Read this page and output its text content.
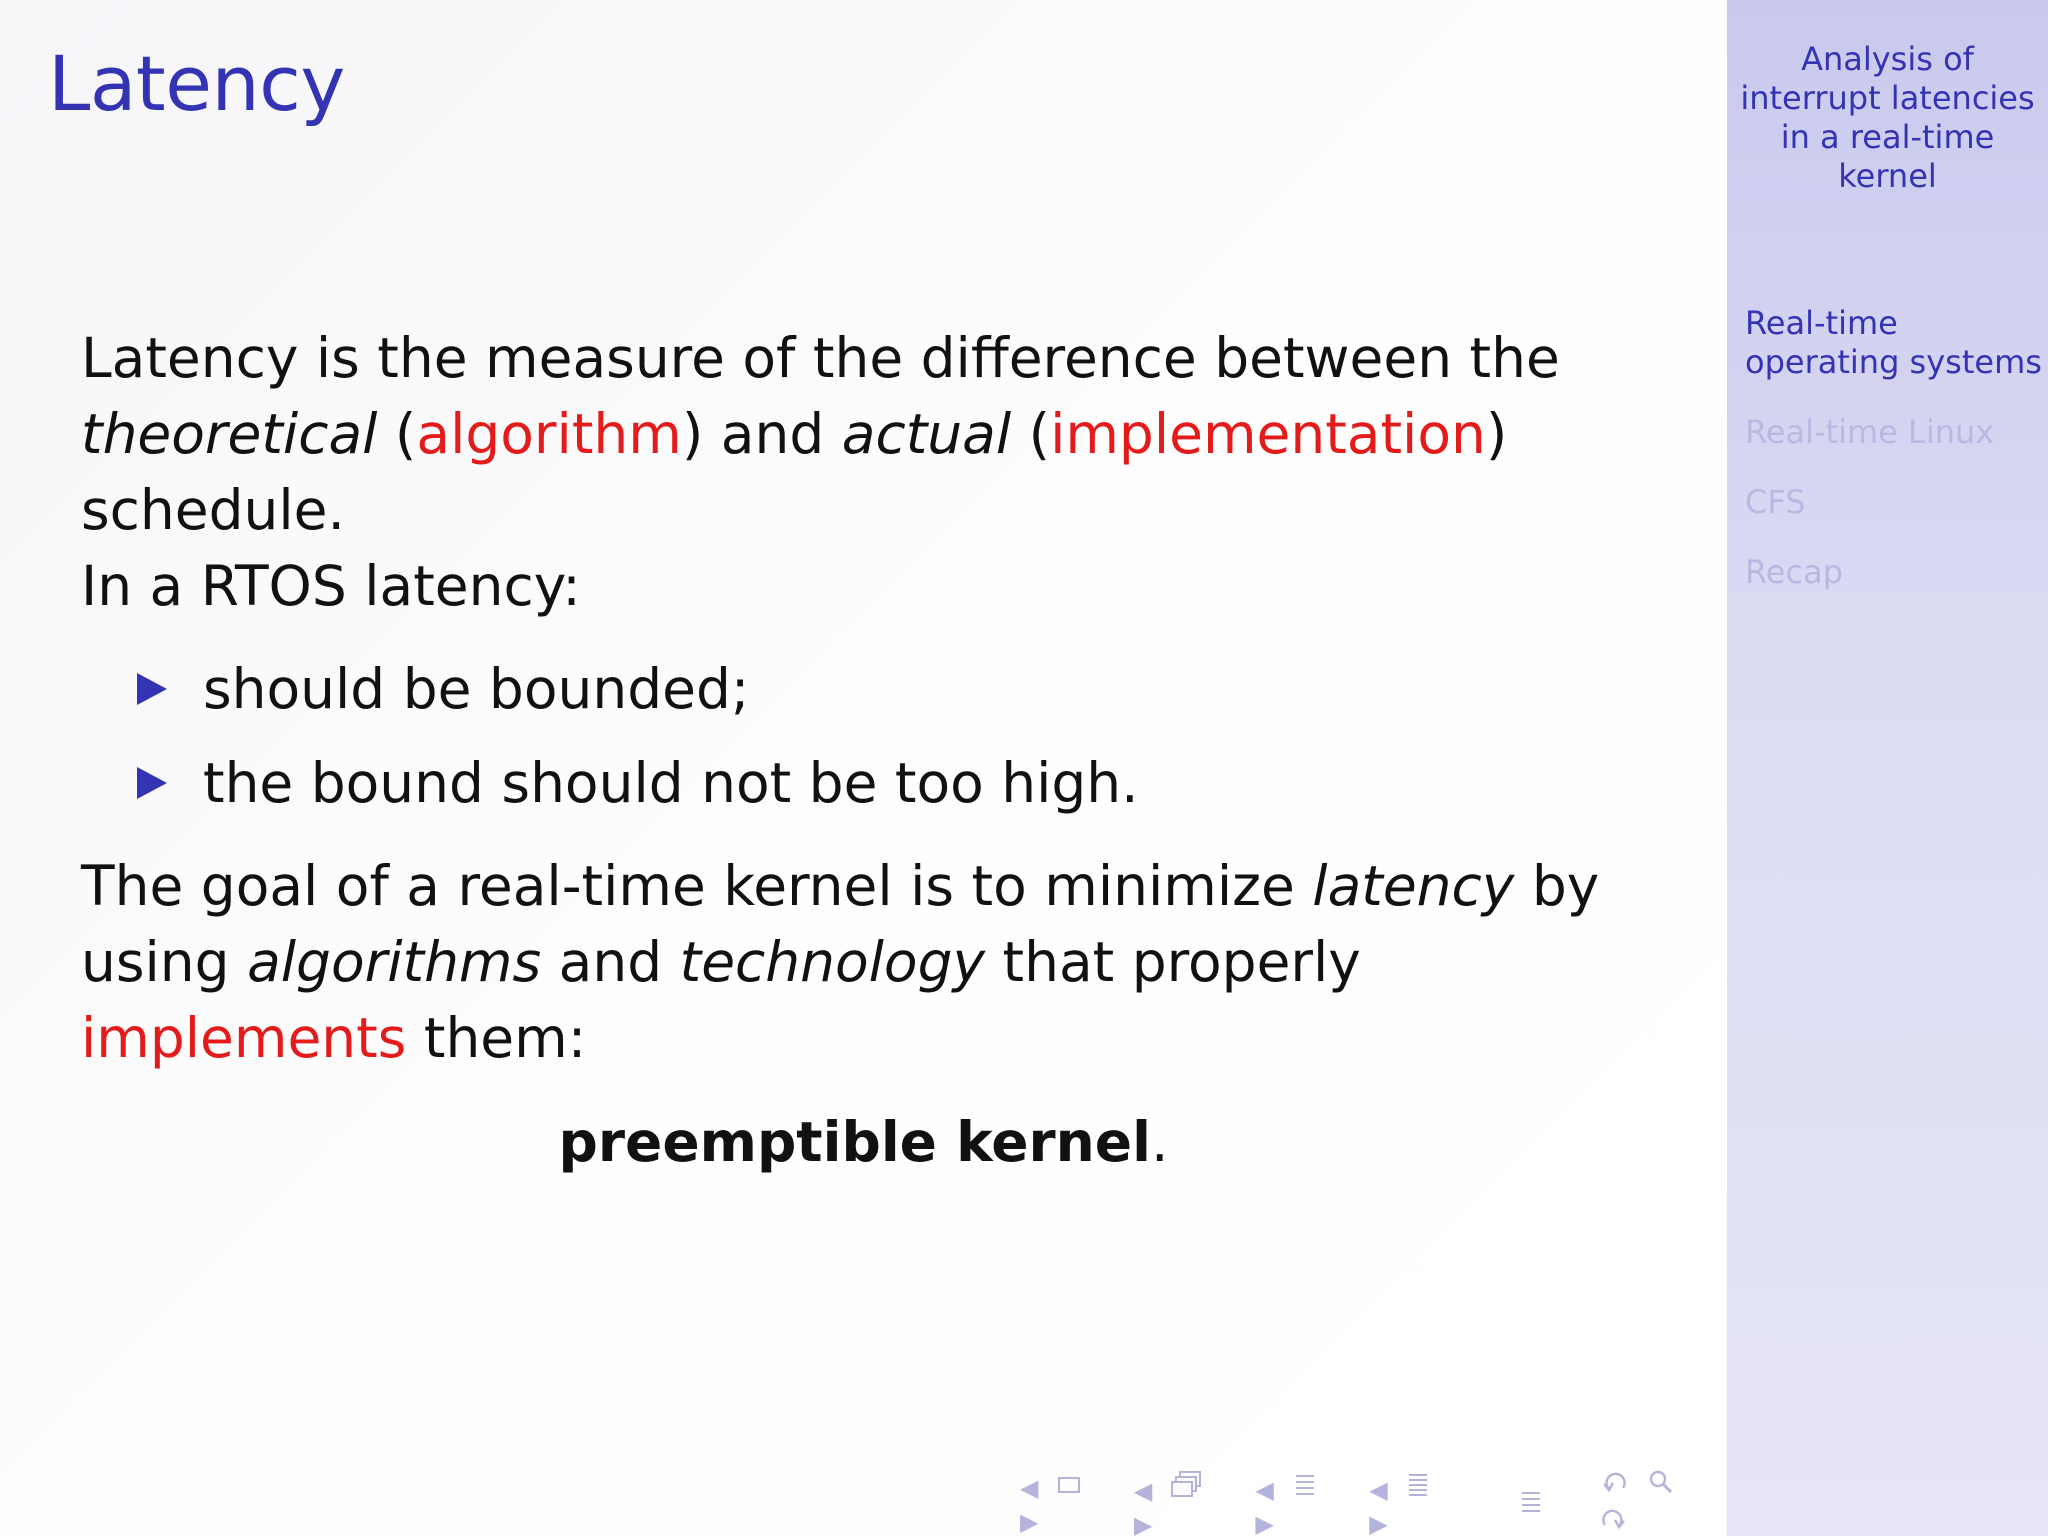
Latency

Latency is the measure of the difference between the
theoretical (algorithm) and actual (implementation)
schedule.

In a RTOS latency:

should be bounded;
the bound should not be too high.

The goal of a real-time kernel is to minimize latency by
using algorithms and technology that properly
implements them:

preemptible kernel.
◀
▶
◀
▶
◀
▶
◀
▶

Analysis of
interrupt latencies
in a real-time
kernel
Real-time
operating systems
Real-time Linux
CFS
Recap
